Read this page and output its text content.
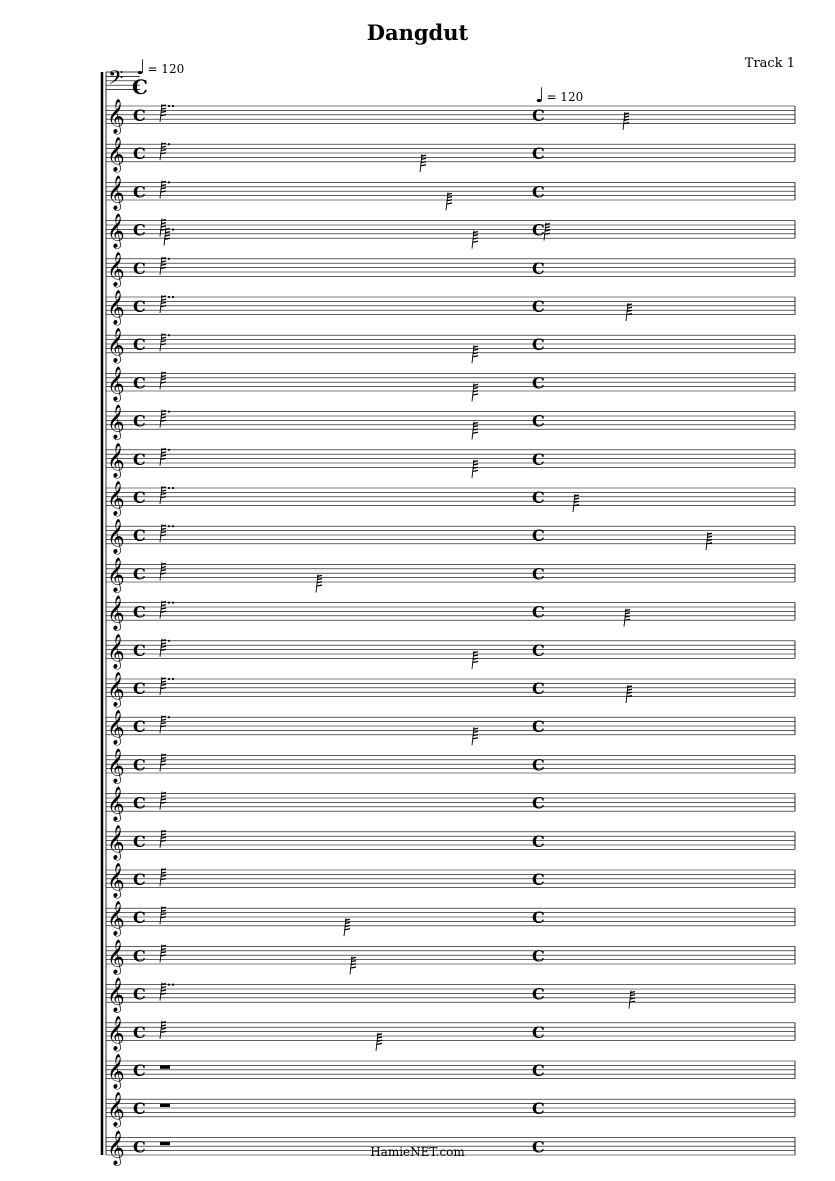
Dangdut
Track 1
♩ = 120
♩ = 120
𝄢 C
𝄞 C	C
𝄞 C	C
𝄞 C	C
𝄞 C	C
𝄞 C	C
𝄞 C	C
𝄞 C	C
𝄞 C	C
𝄞 C	C
𝄞 C	C
𝄞 C	C
𝄞 C	C
𝄞 C	C
𝄞 C	C
𝄞 C	C
𝄞 C	C
𝄞 C	C
𝄞 C	C
𝄞 C	C
𝄞 C	C
𝄞 C	C
𝄞 C	C
𝄞 C	C
𝄞 C	C
𝄞 C	C
𝄞 C	C
𝄞 C	C
𝄞 C	C
HamieNET.com
